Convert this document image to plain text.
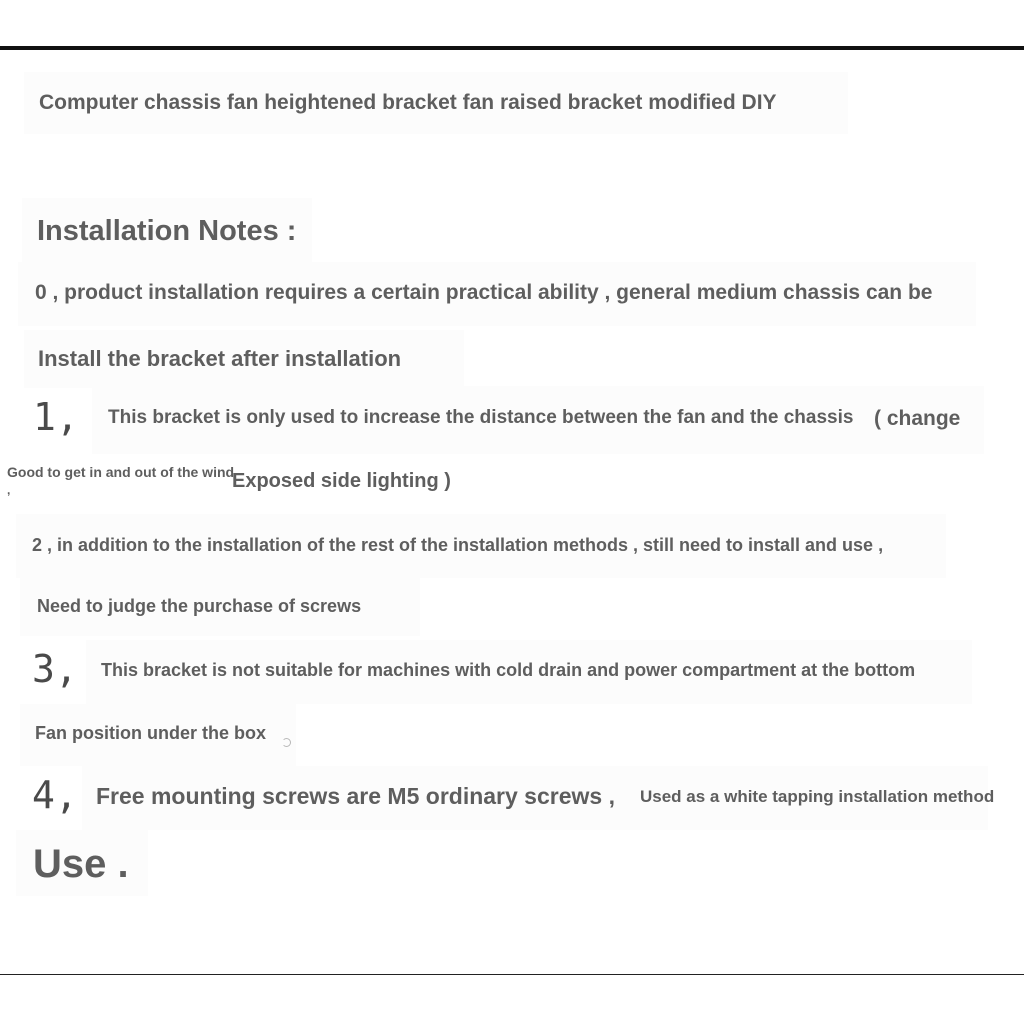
Computer chassis fan heightened bracket fan raised bracket modified DIY
Installation Notes :
0 , product installation requires a certain practical ability , general medium chassis can be
Install the bracket after installation
1,	This bracket is only used to increase the distance between the fan and the chassis ( change
Good to get in and out of the wind
,	Exposed side lighting )
2 , in addition to the installation of the rest of the installation methods , still need to install and use ,
Need to judge the purchase of screws
3,	This bracket is not suitable for machines with cold drain and power compartment at the bottom
Fan position under the box
4, Free mounting screws are M5 ordinary screws ,	Used as a white tapping installation method
Use .
